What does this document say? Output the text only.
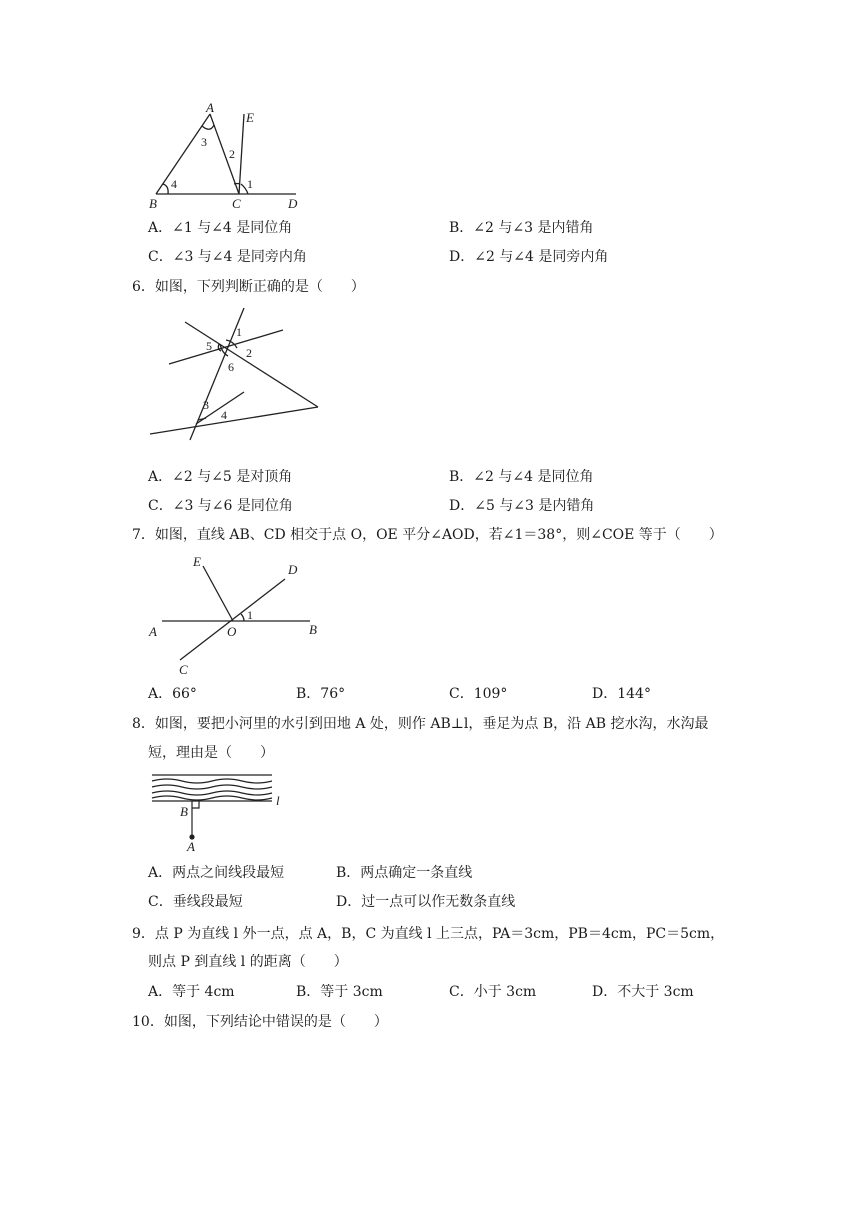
A
E
3
2
4	1
B	C	D
A．∠1 与∠4 是同位角	B．∠2 与∠3 是内错角
C．∠3 与∠4 是同旁内角	D．∠2 与∠4 是同旁内角
6．如图，下列判断正确的是（　　）
1
5	2
6
3
4
A．∠2 与∠5 是对顶角	B．∠2 与∠4 是同位角
C．∠3 与∠6 是同位角	D．∠5 与∠3 是内错角
7．如图，直线 AB、CD 相交于点 O，OE 平分∠AOD，若∠1＝38°，则∠COE 等于（　　）
E
D
1
A	O	B
C
A．66°	B．76°	C．109°	D．144°
8．如图，要把小河里的水引到田地 A 处，则作 AB⊥l，垂足为点 B，沿 AB 挖水沟，水沟最
短，理由是（　　）
B
l
A
A．两点之间线段最短	B．两点确定一条直线
C．垂线段最短	D．过一点可以作无数条直线
9．点 P 为直线 l 外一点，点 A，B，C 为直线 l 上三点，PA＝3cm，PB＝4cm，PC＝5cm，
则点 P 到直线 l 的距离（　　）
A．等于 4cm	B．等于 3cm	C．小于 3cm	D．不大于 3cm
10．如图，下列结论中错误的是（　　）
